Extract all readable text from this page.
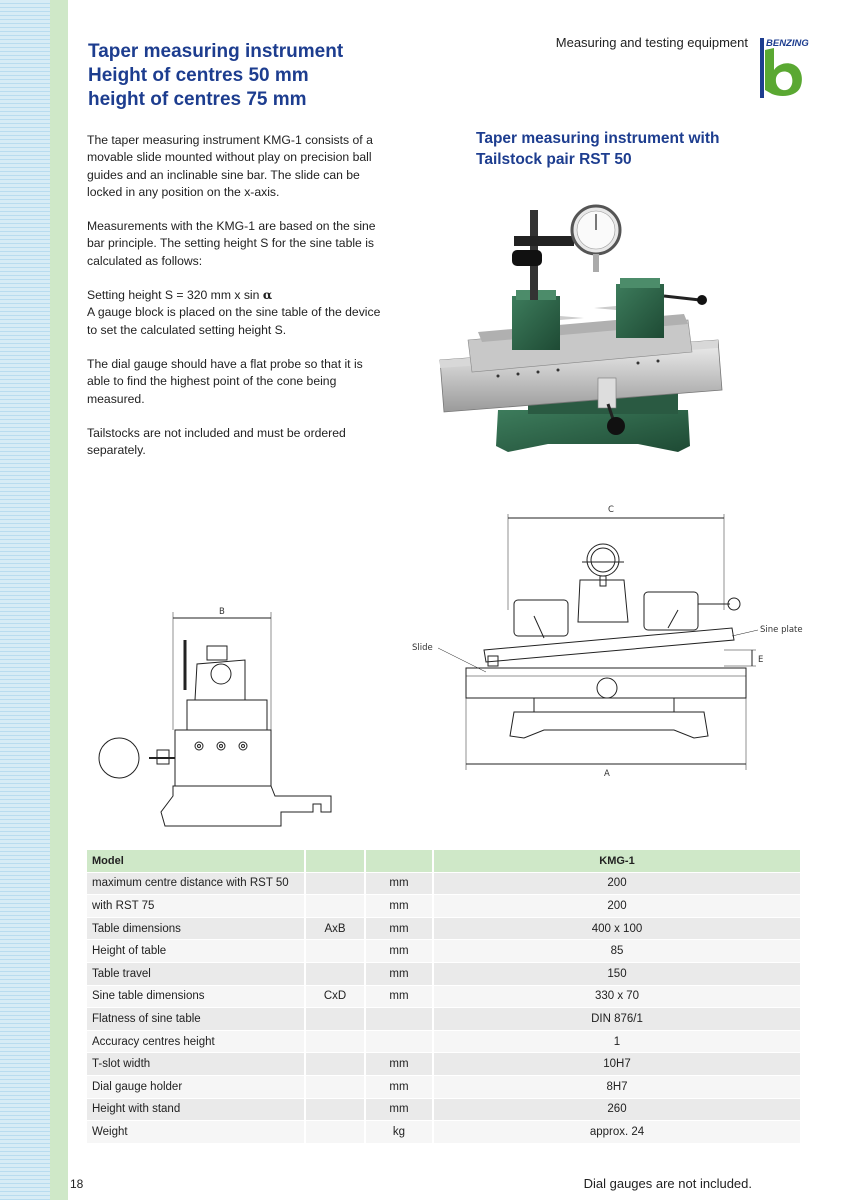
Taper measuring instrument
Height of centres 50 mm
height of centres 75 mm
Measuring and testing equipment BENZING

The taper measuring instrument KMG-1 consists of a movable slide mounted without play on precision ball guides and an inclinable sine bar. The slide can be locked in any position on the x-axis.

Measurements with the KMG-1 are based on the sine bar principle. The setting height S for the sine table is calculated as follows:

Setting height S = 320 mm x sin α
A gauge block is placed on the sine table of the device to set the calculated setting height S.

The dial gauge should have a flat probe so that it is able to find the highest point of the cone being measured.

Tailstocks are not included and must be ordered separately.

Taper measuring instrument with
Tailstock pair RST 50
C
A
E
Slide
Sine plate
B
Model			KMG-1
maximum centre distance with RST 50		mm	200
with RST 75		mm	200
Table dimensions	AxB	mm	400 x 100
Height of table		mm	85
Table travel		mm	150
Sine table dimensions	CxD	mm	330 x 70
Flatness of sine table			DIN 876/1
Accuracy centres height			1
T-slot width		mm	10H7
Dial gauge holder		mm	8H7
Height with stand		mm	260
Weight		kg	approx. 24
18	Dial gauges are not included.
